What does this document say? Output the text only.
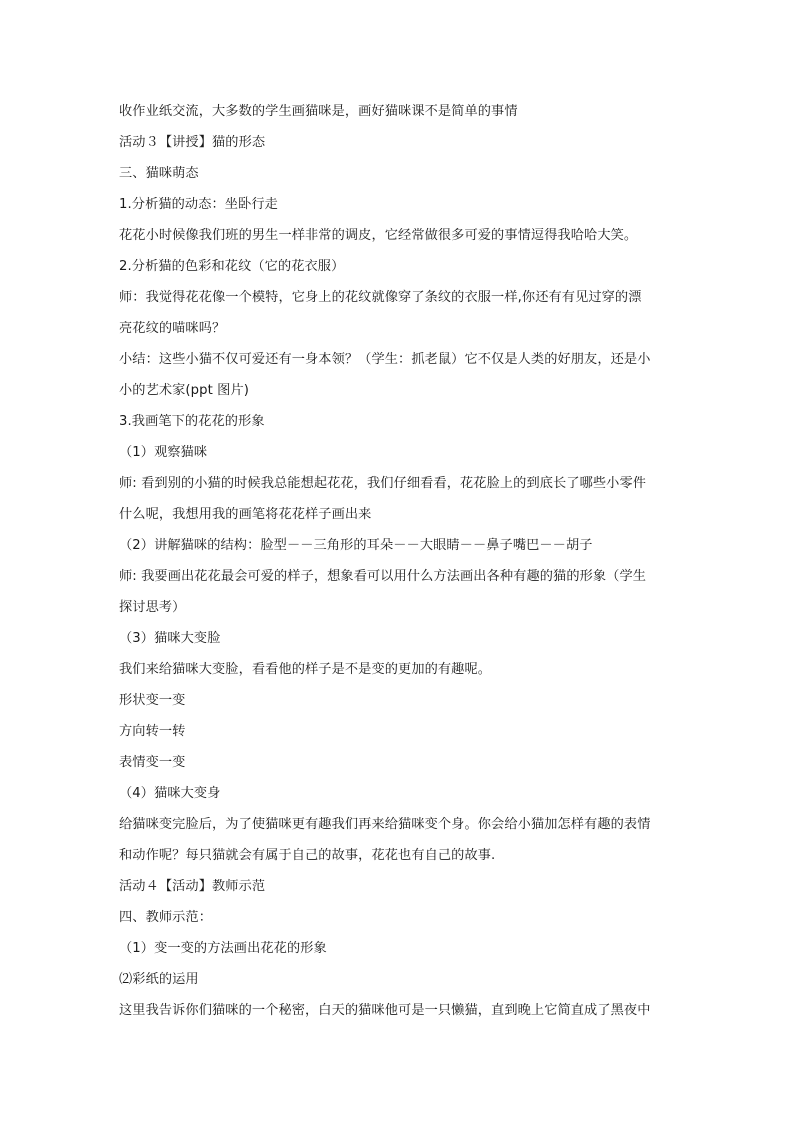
收作业纸交流，大多数的学生画猫咪是，画好猫咪课不是简单的事情
活动３【讲授】猫的形态
三、猫咪萌态
1.分析猫的动态：坐卧行走
花花小时候像我们班的男生一样非常的调皮，它经常做很多可爱的事情逗得我哈哈大笑。
2.分析猫的色彩和花纹（它的花衣服）
师：我觉得花花像一个模特，它身上的花纹就像穿了条纹的衣服一样,你还有有见过穿的漂
亮花纹的喵咪吗？
小结：这些小猫不仅可爱还有一身本领？（学生：抓老鼠）它不仅是人类的好朋友，还是小
小的艺术家(ppt 图片)
3.我画笔下的花花的形象
（1）观察猫咪
师: 看到别的小猫的时候我总能想起花花，我们仔细看看，花花脸上的到底长了哪些小零件
什么呢，我想用我的画笔将花花样子画出来
（2）讲解猫咪的结构：脸型－－三角形的耳朵－－大眼睛－－鼻子嘴巴－－胡子
师: 我要画出花花最会可爱的样子，想象看可以用什么方法画出各种有趣的猫的形象（学生
探讨思考）
（3）猫咪大变脸
我们来给猫咪大变脸，看看他的样子是不是变的更加的有趣呢。
形状变一变
方向转一转
表情变一变
（4）猫咪大变身
给猫咪变完脸后，为了使猫咪更有趣我们再来给猫咪变个身。你会给小猫加怎样有趣的表情
和动作呢？每只猫就会有属于自己的故事，花花也有自己的故事.
活动４【活动】教师示范
四、教师示范：
（1）变一变的方法画出花花的形象
⑵彩纸的运用
这里我告诉你们猫咪的一个秘密，白天的猫咪他可是一只懒猫，直到晚上它简直成了黑夜中
